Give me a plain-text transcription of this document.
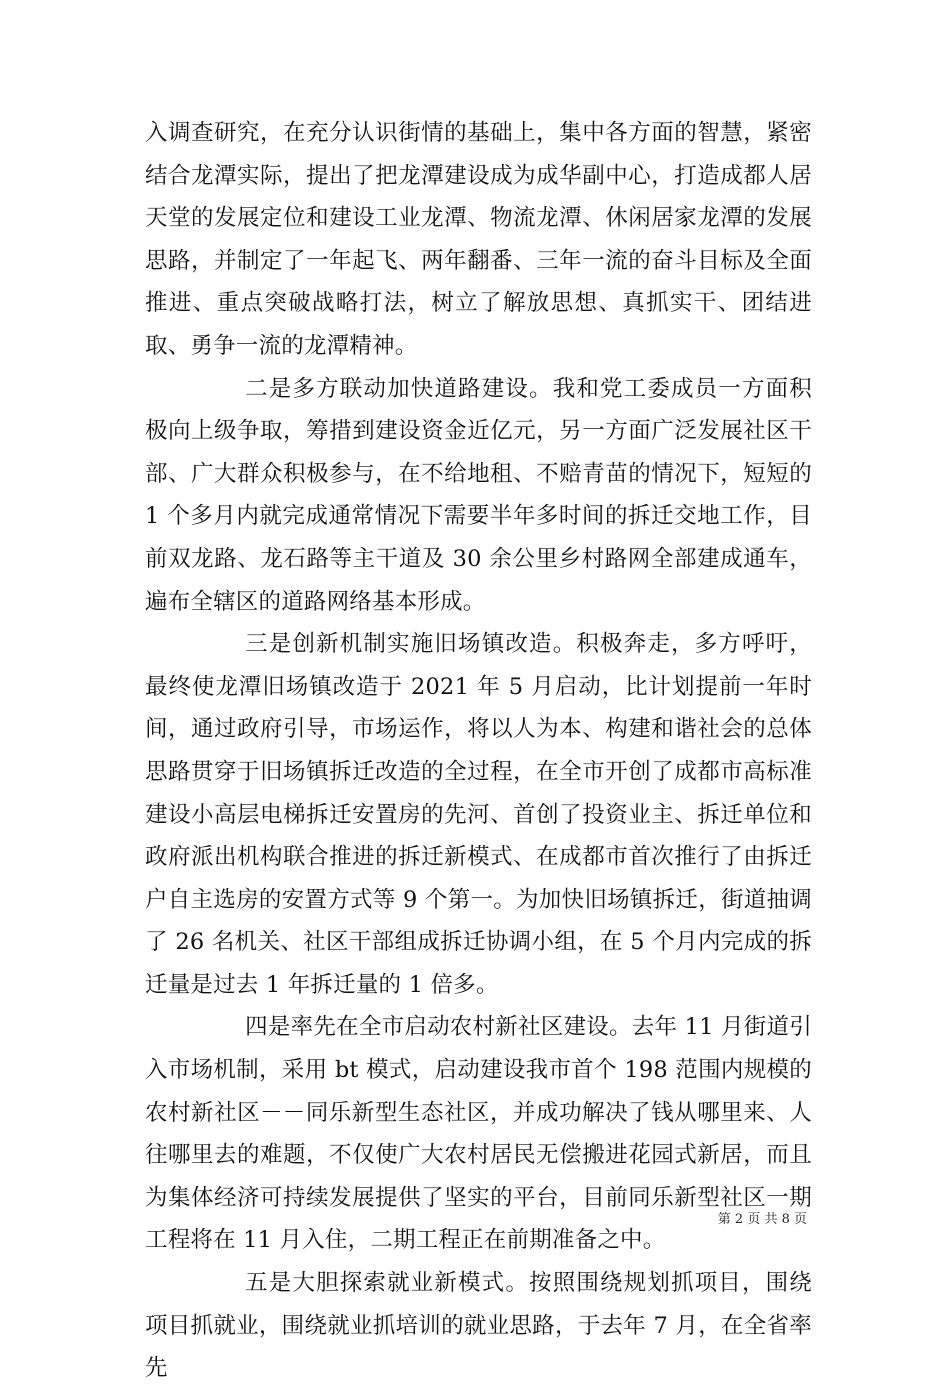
入调查研究，在充分认识街情的基础上，集中各方面的智慧，紧密结合龙潭实际，提出了把龙潭建设成为成华副中心，打造成都人居天堂的发展定位和建设工业龙潭、物流龙潭、休闲居家龙潭的发展思路，并制定了一年起飞、两年翻番、三年一流的奋斗目标及全面推进、重点突破战略打法，树立了解放思想、真抓实干、团结进取、勇争一流的龙潭精神。

二是多方联动加快道路建设。我和党工委成员一方面积极向上级争取，筹措到建设资金近亿元，另一方面广泛发展社区干部、广大群众积极参与，在不给地租、不赔青苗的情况下，短短的 1 个多月内就完成通常情况下需要半年多时间的拆迁交地工作，目前双龙路、龙石路等主干道及 30 余公里乡村路网全部建成通车，遍布全辖区的道路网络基本形成。

三是创新机制实施旧场镇改造。积极奔走，多方呼吁，最终使龙潭旧场镇改造于 2021 年 5 月启动，比计划提前一年时间，通过政府引导，市场运作，将以人为本、构建和谐社会的总体思路贯穿于旧场镇拆迁改造的全过程，在全市开创了成都市高标准建设小高层电梯拆迁安置房的先河、首创了投资业主、拆迁单位和政府派出机构联合推进的拆迁新模式、在成都市首次推行了由拆迁户自主选房的安置方式等 9 个第一。为加快旧场镇拆迁，街道抽调了 26 名机关、社区干部组成拆迁协调小组，在 5 个月内完成的拆迁量是过去 1 年拆迁量的 1 倍多。

四是率先在全市启动农村新社区建设。去年 11 月街道引入市场机制，采用 bt 模式，启动建设我市首个 198 范围内规模的农村新社区－－同乐新型生态社区，并成功解决了钱从哪里来、人往哪里去的难题，不仅使广大农村居民无偿搬进花园式新居，而且为集体经济可持续发展提供了坚实的平台，目前同乐新型社区一期工程将在 11 月入住，二期工程正在前期准备之中。

五是大胆探索就业新模式。按照围绕规划抓项目，围绕项目抓就业，围绕就业抓培训的就业思路，于去年 7 月，在全省率先

第 2 页 共 8 页
